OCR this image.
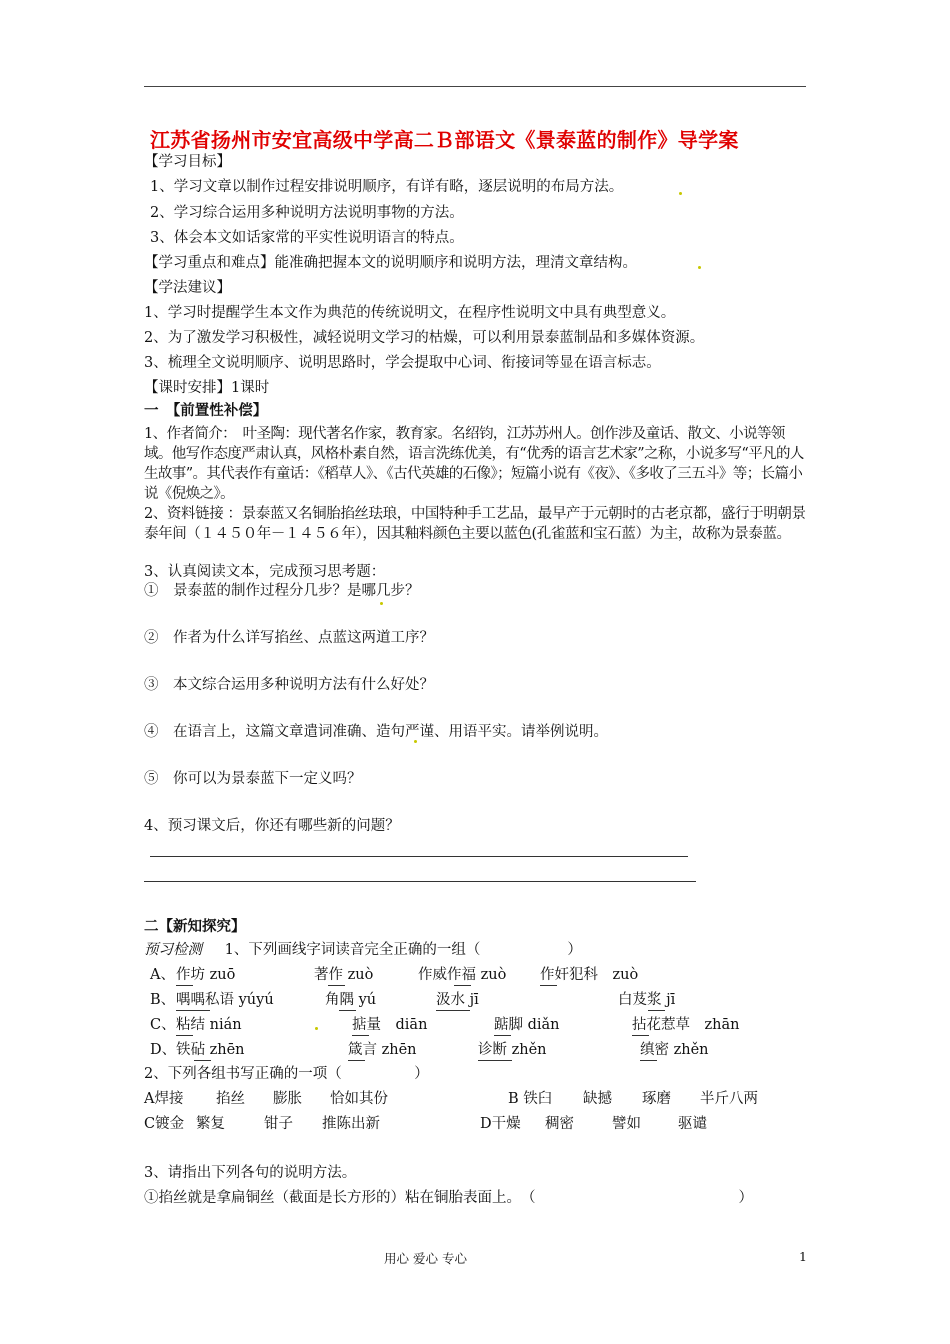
江苏省扬州市安宜高级中学高二Ｂ部语文《景泰蓝的制作》导学案
【学习目标】
1、学习文章以制作过程安排说明顺序，有详有略，逐层说明的布局方法。
2、学习综合运用多种说明方法说明事物的方法。
3、体会本文如话家常的平实性说明语言的特点。
【学习重点和难点】能准确把握本文的说明顺序和说明方法，理清文章结构。
【学法建议】
1、学习时提醒学生本文作为典范的传统说明文，在程序性说明文中具有典型意义。
2、为了激发学习积极性，减轻说明文学习的枯燥，可以利用景泰蓝制品和多媒体资源。
3、梳理全文说明顺序、说明思路时，学会提取中心词、衔接词等显在语言标志。
【课时安排】1课时
一　【前置性补偿】
1、作者简介：　叶圣陶：现代著名作家，教育家。名绍钧，江苏苏州人。创作涉及童话、散文、小说等领域。他写作态度严肃认真，风格朴素自然，语言洗练优美，有“优秀的语言艺术家”之称，小说多写“平凡的人生故事”。其代表作有童话：《稻草人》、《古代英雄的石像》；短篇小说有《夜》、《多收了三五斗》等；长篇小说《倪焕之》。
2、资料链接 ：景泰蓝又名铜胎掐丝珐琅，中国特种手工艺品，最早产于元朝时的古老京都，盛行于明朝景泰年间（１４５０年－１４５６年），因其釉料颜色主要以蓝色(孔雀蓝和宝石蓝）为主，故称为景泰蓝。
3、认真阅读文本，完成预习思考题：
①　景泰蓝的制作过程分几步？是哪几步？
②　作者为什么详写掐丝、点蓝这两道工序？
③　本文综合运用多种说明方法有什么好处？
④　在语言上，这篇文章遣词准确、造句严谨、用语平实。请举例说明。
⑤　你可以为景泰蓝下一定义吗？
4、预习课文后，你还有哪些新的问题？
二【新知探究】
预习检测 1、下列画线字词读音完全正确的一组（　　　　　　）
A、 作坊 zuō	著作 zuò	作威作福 zuò 作奸犯科　zuò
B、 喁喁私语 yúyú	角隅 yú	汲水 jī	白芨浆 jī
C、 粘结 nián	掂量　diān	踮脚 diǎn	拈花惹草　zhān
D、 铁砧 zhēn	箴言 zhēn	诊断 zhěn	缜密 zhěn
2、下列各组书写正确的一项（　　　　　）
A焊接 掐丝 膨胀 恰如其份	B 铁臼 缺撼 琢磨 半斤八两
C镀金 繁复	钳子 推陈出新	D干燥 稠密	譬如	驱谴
3、请指出下列各句的说明方法。
①掐丝就是拿扁铜丝（截面是长方形的）粘在铜胎表面上。　（　　　　　　　　　　　　　　）
用心 爱心 专心	1
